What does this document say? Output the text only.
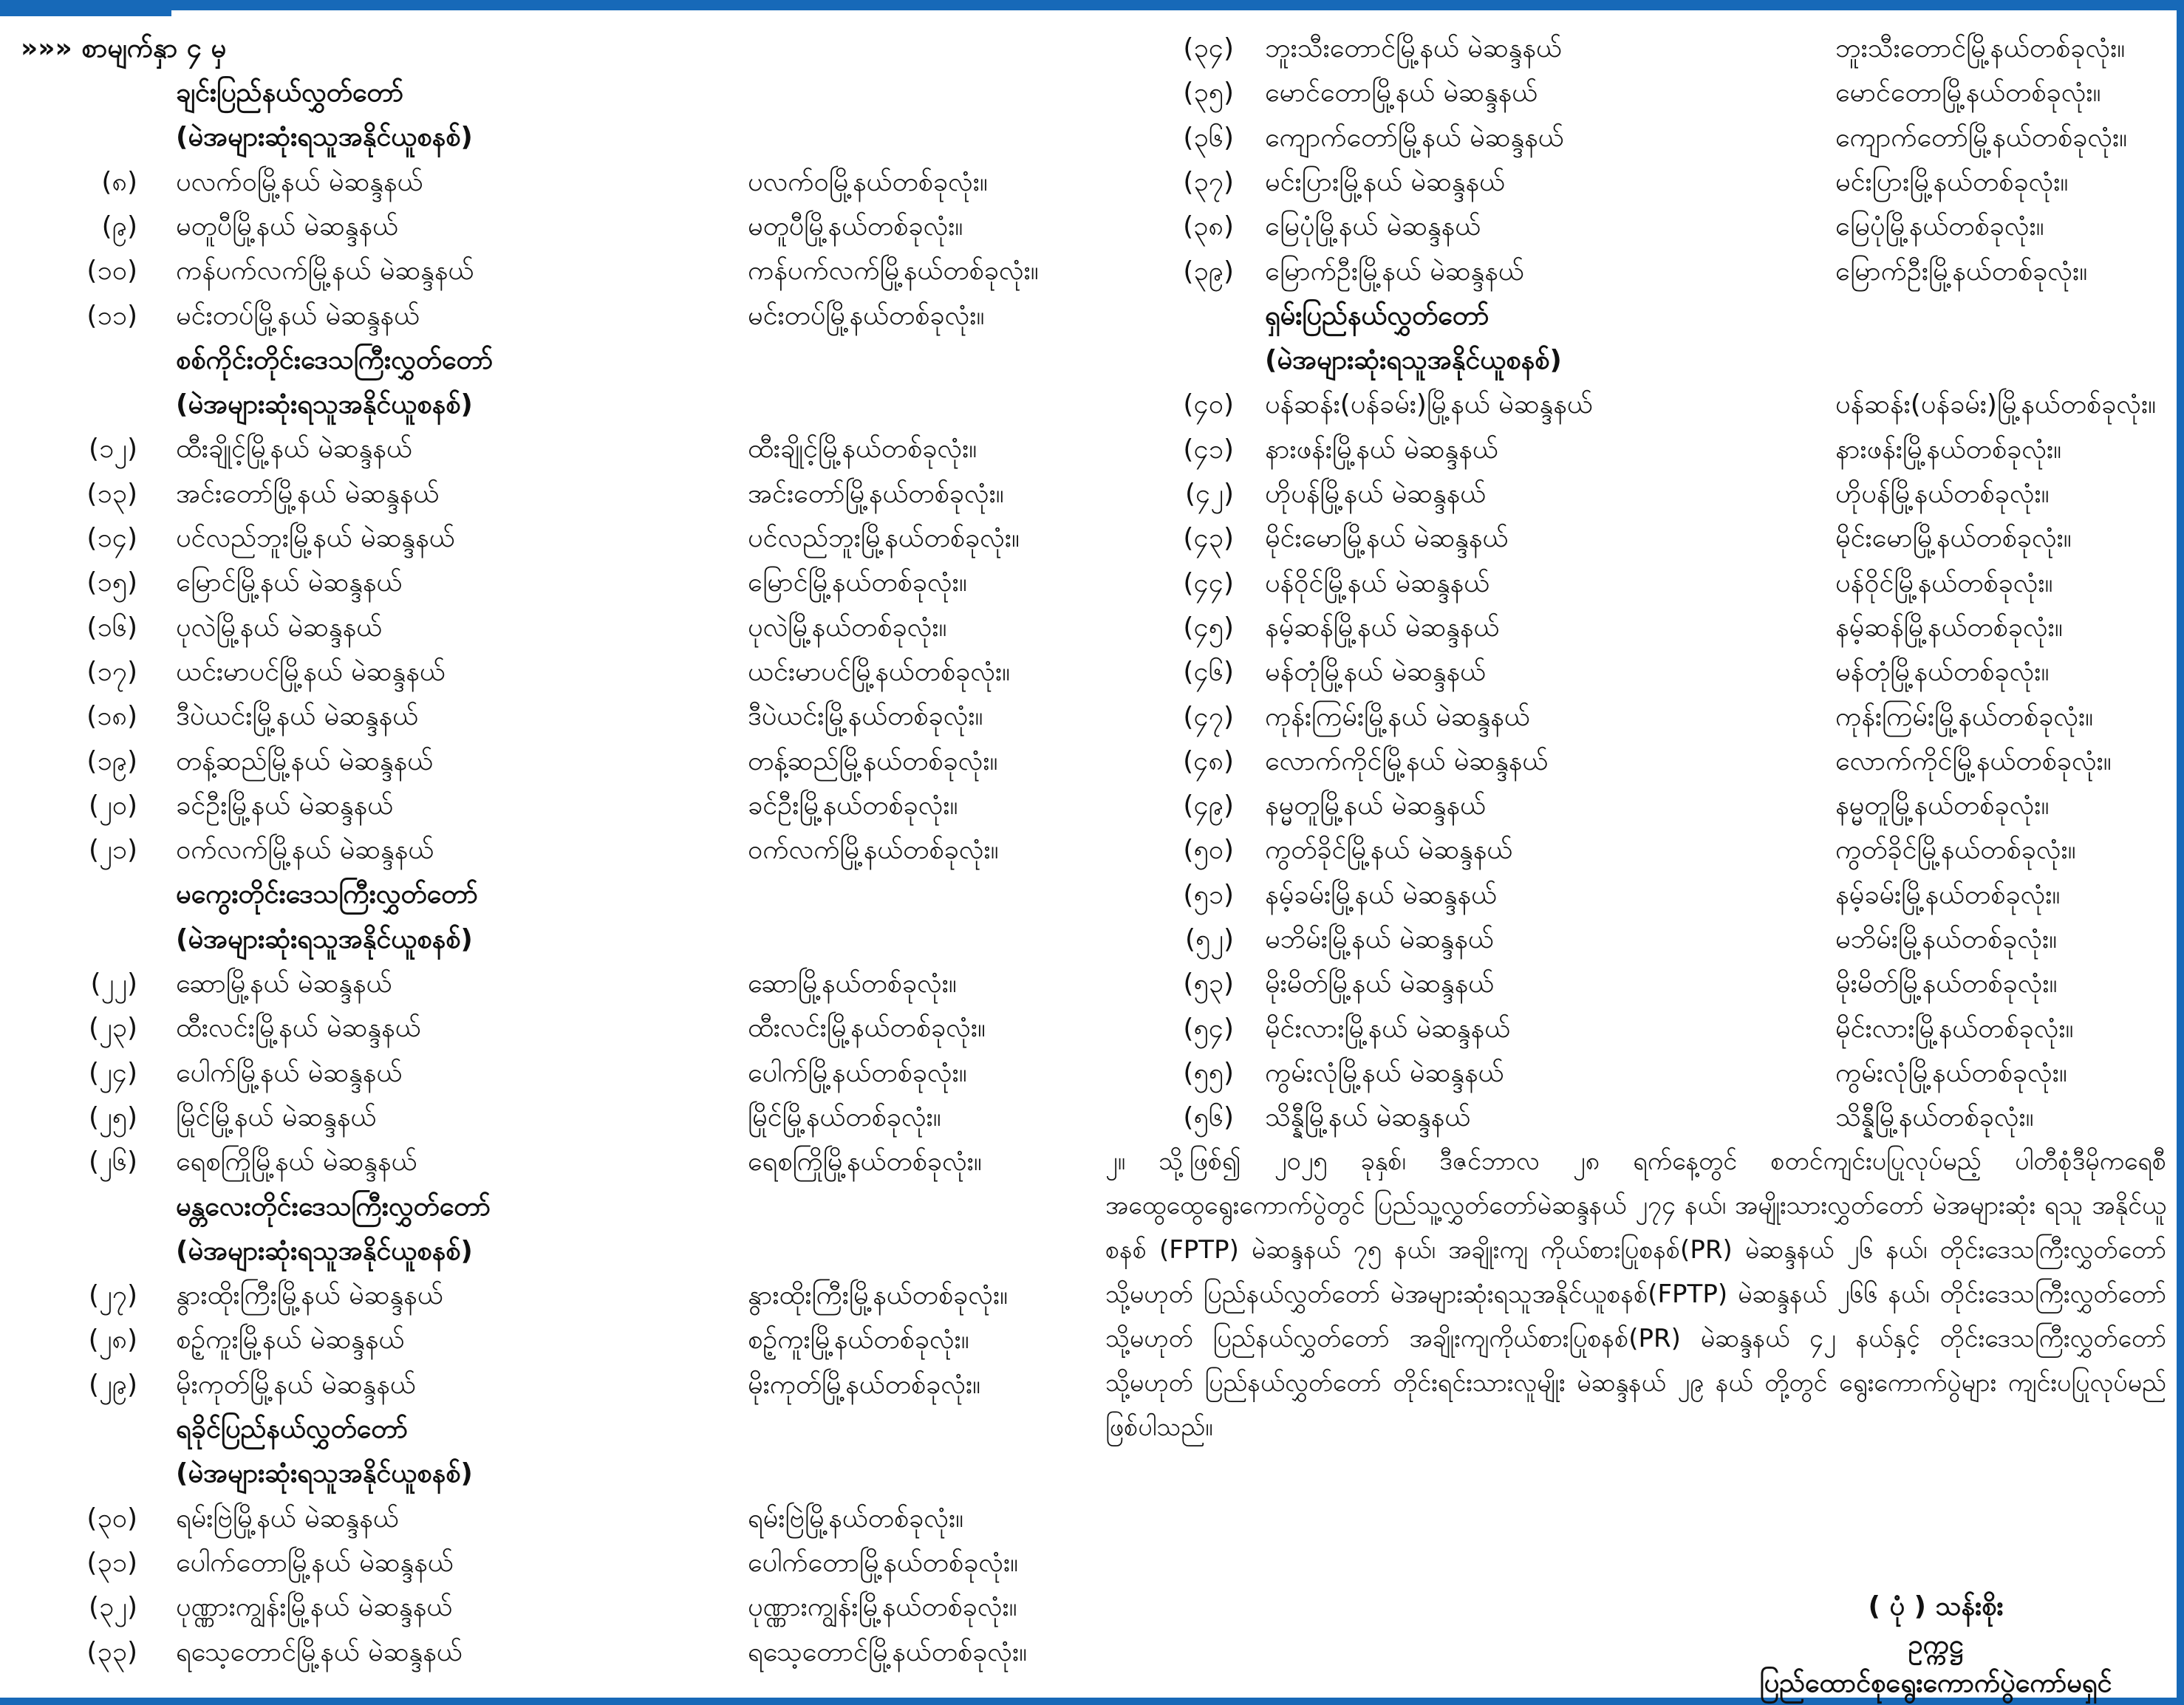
»»» စာမျက်နှာ ၄ မှ
ချင်းပြည်နယ်လွှတ်တော်
(မဲအများဆုံးရသူအနိုင်ယူစနစ်)
(၈) ပလက်ဝမြို့နယ် မဲဆန္ဒနယ်	ပလက်ဝမြို့နယ်တစ်ခုလုံး။
(၉) မတူပီမြို့နယ် မဲဆန္ဒနယ်	မတူပီမြို့နယ်တစ်ခုလုံး။
(၁၀) ကန်ပက်လက်မြို့နယ် မဲဆန္ဒနယ်	ကန်ပက်လက်မြို့နယ်တစ်ခုလုံး။
(၁၁) မင်းတပ်မြို့နယ် မဲဆန္ဒနယ်	မင်းတပ်မြို့နယ်တစ်ခုလုံး။
စစ်ကိုင်းတိုင်းဒေသကြီးလွှတ်တော်
(မဲအများဆုံးရသူအနိုင်ယူစနစ်)
(၁၂) ထီးချိုင့်မြို့နယ် မဲဆန္ဒနယ်	ထီးချိုင့်မြို့နယ်တစ်ခုလုံး။
(၁၃) အင်းတော်မြို့နယ် မဲဆန္ဒနယ်	အင်းတော်မြို့နယ်တစ်ခုလုံး။
(၁၄) ပင်လည်ဘူးမြို့နယ် မဲဆန္ဒနယ်	ပင်လည်ဘူးမြို့နယ်တစ်ခုလုံး။
(၁၅) မြောင်မြို့နယ် မဲဆန္ဒနယ်	မြောင်မြို့နယ်တစ်ခုလုံး။
(၁၆) ပုလဲမြို့နယ် မဲဆန္ဒနယ်	ပုလဲမြို့နယ်တစ်ခုလုံး။
(၁၇) ယင်းမာပင်မြို့နယ် မဲဆန္ဒနယ်	ယင်းမာပင်မြို့နယ်တစ်ခုလုံး။
(၁၈) ဒီပဲယင်းမြို့နယ် မဲဆန္ဒနယ်	ဒီပဲယင်းမြို့နယ်တစ်ခုလုံး။
(၁၉) တန့်ဆည်မြို့နယ် မဲဆန္ဒနယ်	တန့်ဆည်မြို့နယ်တစ်ခုလုံး။
(၂၀) ခင်ဦးမြို့နယ် မဲဆန္ဒနယ်	ခင်ဦးမြို့နယ်တစ်ခုလုံး။
(၂၁) ဝက်လက်မြို့နယ် မဲဆန္ဒနယ်	ဝက်လက်မြို့နယ်တစ်ခုလုံး။
မကွေးတိုင်းဒေသကြီးလွှတ်တော်
(မဲအများဆုံးရသူအနိုင်ယူစနစ်)
(၂၂) ဆောမြို့နယ် မဲဆန္ဒနယ်	ဆောမြို့နယ်တစ်ခုလုံး။
(၂၃) ထီးလင်းမြို့နယ် မဲဆန္ဒနယ်	ထီးလင်းမြို့နယ်တစ်ခုလုံး။
(၂၄) ပေါက်မြို့နယ် မဲဆန္ဒနယ်	ပေါက်မြို့နယ်တစ်ခုလုံး။
(၂၅) မြိုင်မြို့နယ် မဲဆန္ဒနယ်	မြိုင်မြို့နယ်တစ်ခုလုံး။
(၂၆) ရေစကြိုမြို့နယ် မဲဆန္ဒနယ်	ရေစကြိုမြို့နယ်တစ်ခုလုံး။
မန္တလေးတိုင်းဒေသကြီးလွှတ်တော်
(မဲအများဆုံးရသူအနိုင်ယူစနစ်)
(၂၇) နွားထိုးကြီးမြို့နယ် မဲဆန္ဒနယ်	နွားထိုးကြီးမြို့နယ်တစ်ခုလုံး။
(၂၈) စဉ့်ကူးမြို့နယ် မဲဆန္ဒနယ်	စဉ့်ကူးမြို့နယ်တစ်ခုလုံး။
(၂၉) မိုးကုတ်မြို့နယ် မဲဆန္ဒနယ်	မိုးကုတ်မြို့နယ်တစ်ခုလုံး။
ရခိုင်ပြည်နယ်လွှတ်တော်
(မဲအများဆုံးရသူအနိုင်ယူစနစ်)
(၃၀) ရမ်းဗြဲမြို့နယ် မဲဆန္ဒနယ်	ရမ်းဗြဲမြို့နယ်တစ်ခုလုံး။
(၃၁) ပေါက်တောမြို့နယ် မဲဆန္ဒနယ်	ပေါက်တောမြို့နယ်တစ်ခုလုံး။
(၃၂) ပုဏ္ဏားကျွန်းမြို့နယ် မဲဆန္ဒနယ်	ပုဏ္ဏားကျွန်းမြို့နယ်တစ်ခုလုံး။
(၃၃) ရသေ့တောင်မြို့နယ် မဲဆန္ဒနယ်	ရသေ့တောင်မြို့နယ်တစ်ခုလုံး။
(၃၄) ဘူးသီးတောင်မြို့နယ် မဲဆန္ဒနယ်	ဘူးသီးတောင်မြို့နယ်တစ်ခုလုံး။
(၃၅) မောင်တောမြို့နယ် မဲဆန္ဒနယ်	မောင်တောမြို့နယ်တစ်ခုလုံး။
(၃၆) ကျောက်တော်မြို့နယ် မဲဆန္ဒနယ်	ကျောက်တော်မြို့နယ်တစ်ခုလုံး။
(၃၇) မင်းပြားမြို့နယ် မဲဆန္ဒနယ်	မင်းပြားမြို့နယ်တစ်ခုလုံး။
(၃၈) မြေပုံမြို့နယ် မဲဆန္ဒနယ်	မြေပုံမြို့နယ်တစ်ခုလုံး။
(၃၉) မြောက်ဦးမြို့နယ် မဲဆန္ဒနယ်	မြောက်ဦးမြို့နယ်တစ်ခုလုံး။
ရှမ်းပြည်နယ်လွှတ်တော်
(မဲအများဆုံးရသူအနိုင်ယူစနစ်)
(၄၀) ပန်ဆန်း(ပန်ခမ်း)မြို့နယ် မဲဆန္ဒနယ်	ပန်ဆန်း(ပန်ခမ်း)မြို့နယ်တစ်ခုလုံး။
(၄၁) နားဖန်းမြို့နယ် မဲဆန္ဒနယ်	နားဖန်းမြို့နယ်တစ်ခုလုံး။
(၄၂) ဟိုပန်မြို့နယ် မဲဆန္ဒနယ်	ဟိုပန်မြို့နယ်တစ်ခုလုံး။
(၄၃) မိုင်းမောမြို့နယ် မဲဆန္ဒနယ်	မိုင်းမောမြို့နယ်တစ်ခုလုံး။
(၄၄) ပန်ဝိုင်မြို့နယ် မဲဆန္ဒနယ်	ပန်ဝိုင်မြို့နယ်တစ်ခုလုံး။
(၄၅) နမ့်ဆန်မြို့နယ် မဲဆန္ဒနယ်	နမ့်ဆန်မြို့နယ်တစ်ခုလုံး။
(၄၆) မန်တုံမြို့နယ် မဲဆန္ဒနယ်	မန်တုံမြို့နယ်တစ်ခုလုံး။
(၄၇) ကုန်းကြမ်းမြို့နယ် မဲဆန္ဒနယ်	ကုန်းကြမ်းမြို့နယ်တစ်ခုလုံး။
(၄၈) လောက်ကိုင်မြို့နယ် မဲဆန္ဒနယ်	လောက်ကိုင်မြို့နယ်တစ်ခုလုံး။
(၄၉) နမ္မတူမြို့နယ် မဲဆန္ဒနယ်	နမ္မတူမြို့နယ်တစ်ခုလုံး။
(၅၀) ကွတ်ခိုင်မြို့နယ် မဲဆန္ဒနယ်	ကွတ်ခိုင်မြို့နယ်တစ်ခုလုံး။
(၅၁) နမ့်ခမ်းမြို့နယ် မဲဆန္ဒနယ်	နမ့်ခမ်းမြို့နယ်တစ်ခုလုံး။
(၅၂) မဘိမ်းမြို့နယ် မဲဆန္ဒနယ်	မဘိမ်းမြို့နယ်တစ်ခုလုံး။
(၅၃) မိုးမိတ်မြို့နယ် မဲဆန္ဒနယ်	မိုးမိတ်မြို့နယ်တစ်ခုလုံး။
(၅၄) မိုင်းလားမြို့နယ် မဲဆန္ဒနယ်	မိုင်းလားမြို့နယ်တစ်ခုလုံး။
(၅၅) ကွမ်းလုံမြို့နယ် မဲဆန္ဒနယ်	ကွမ်းလုံမြို့နယ်တစ်ခုလုံး။
(၅၆) သိန္နီမြို့နယ် မဲဆန္ဒနယ်	သိန္နီမြို့နယ်တစ်ခုလုံး။
၂။ သို့ဖြစ်၍ ၂၀၂၅ ခုနှစ်၊ ဒီဇင်ဘာလ ၂၈ ရက်နေ့တွင် စတင်ကျင်းပပြုလုပ်မည့် ပါတီစုံဒီမိုကရေစီ အထွေထွေရွေးကောက်ပွဲတွင် ပြည်သူ့လွှတ်တော်မဲဆန္ဒနယ် ၂၇၄ နယ်၊ အမျိုးသားလွှတ်တော် မဲအများဆုံး ရသူ အနိုင်ယူစနစ် (FPTP) မဲဆန္ဒနယ် ၇၅ နယ်၊ အချိုးကျ ကိုယ်စားပြုစနစ်(PR) မဲဆန္ဒနယ် ၂၆ နယ်၊ တိုင်းဒေသကြီးလွှတ်တော် သို့မဟုတ် ပြည်နယ်လွှတ်တော် မဲအများဆုံးရသူအနိုင်ယူစနစ်(FPTP) မဲဆန္ဒနယ် ၂၆၆ နယ်၊ တိုင်းဒေသကြီးလွှတ်တော် သို့မဟုတ် ပြည်နယ်လွှတ်တော် အချိုးကျကိုယ်စားပြုစနစ်(PR) မဲဆန္ဒနယ် ၄၂ နယ်နှင့် တိုင်းဒေသကြီးလွှတ်တော် သို့မဟုတ် ပြည်နယ်လွှတ်တော် တိုင်းရင်းသားလူမျိုး မဲဆန္ဒနယ် ၂၉ နယ် တို့တွင် ရွေးကောက်ပွဲများ ကျင်းပပြုလုပ်မည် ဖြစ်ပါသည်။
( ပုံ ) သန်းစိုး
ဥက္ကဋ္ဌ
ပြည်ထောင်စုရွေးကောက်ပွဲကော်မရှင်
